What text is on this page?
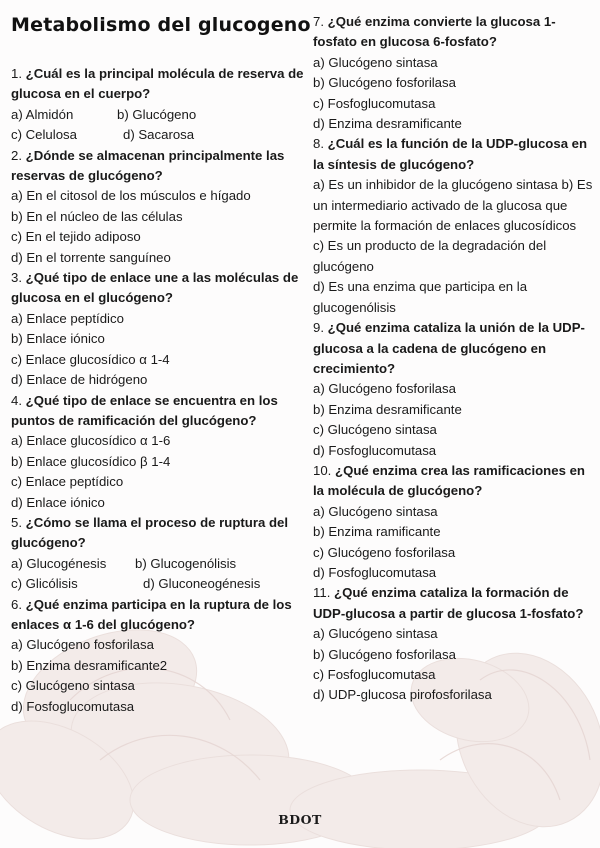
Metabolismo del glucogeno
1. ¿Cuál es la principal molécula de reserva de glucosa en el cuerpo?
a) Almidón	b) Glucógeno
c) Celulosa	d) Sacarosa
2. ¿Dónde se almacenan principalmente las reservas de glucógeno?
a) En el citosol de los músculos e hígado
b) En el núcleo de las células
c) En el tejido adiposo
d) En el torrente sanguíneo
3. ¿Qué tipo de enlace une a las moléculas de glucosa en el glucógeno?
a) Enlace peptídico
b) Enlace iónico
c) Enlace glucosídico α 1-4
d) Enlace de hidrógeno
4. ¿Qué tipo de enlace se encuentra en los puntos de ramificación del glucógeno?
a) Enlace glucosídico α 1-6
b) Enlace glucosídico β 1-4
c) Enlace peptídico
d) Enlace iónico
5. ¿Cómo se llama el proceso de ruptura del glucógeno?
a) Glucogénesis	b) Glucogenólisis
c) Glicólisis	d) Gluconeogénesis
6. ¿Qué enzima participa en la ruptura de los enlaces α 1-6 del glucógeno?
a) Glucógeno fosforilasa
b) Enzima desramificante2
c) Glucógeno sintasa
d) Fosfoglucomutasa
7. ¿Qué enzima convierte la glucosa 1-fosfato en glucosa 6-fosfato?
a) Glucógeno sintasa
b) Glucógeno fosforilasa
c) Fosfoglucomutasa
d) Enzima desramificante
8. ¿Cuál es la función de la UDP-glucosa en la síntesis de glucógeno?
a) Es un inhibidor de la glucógeno sintasa b) Es un intermediario activado de la glucosa que permite la formación de enlaces glucosídicos
c) Es un producto de la degradación del glucógeno
d) Es una enzima que participa en la glucogenólisis
9. ¿Qué enzima cataliza la unión de la UDP-glucosa a la cadena de glucógeno en crecimiento?
a) Glucógeno fosforilasa
b) Enzima desramificante
c) Glucógeno sintasa
d) Fosfoglucomutasa
10. ¿Qué enzima crea las ramificaciones en la molécula de glucógeno?
a) Glucógeno sintasa
b) Enzima ramificante
c) Glucógeno fosforilasa
d) Fosfoglucomutasa
11. ¿Qué enzima cataliza la formación de UDP-glucosa a partir de glucosa 1-fosfato?
a) Glucógeno sintasa
b) Glucógeno fosforilasa
c) Fosfoglucomutasa
d) UDP-glucosa pirofosforilasa
BDOT
